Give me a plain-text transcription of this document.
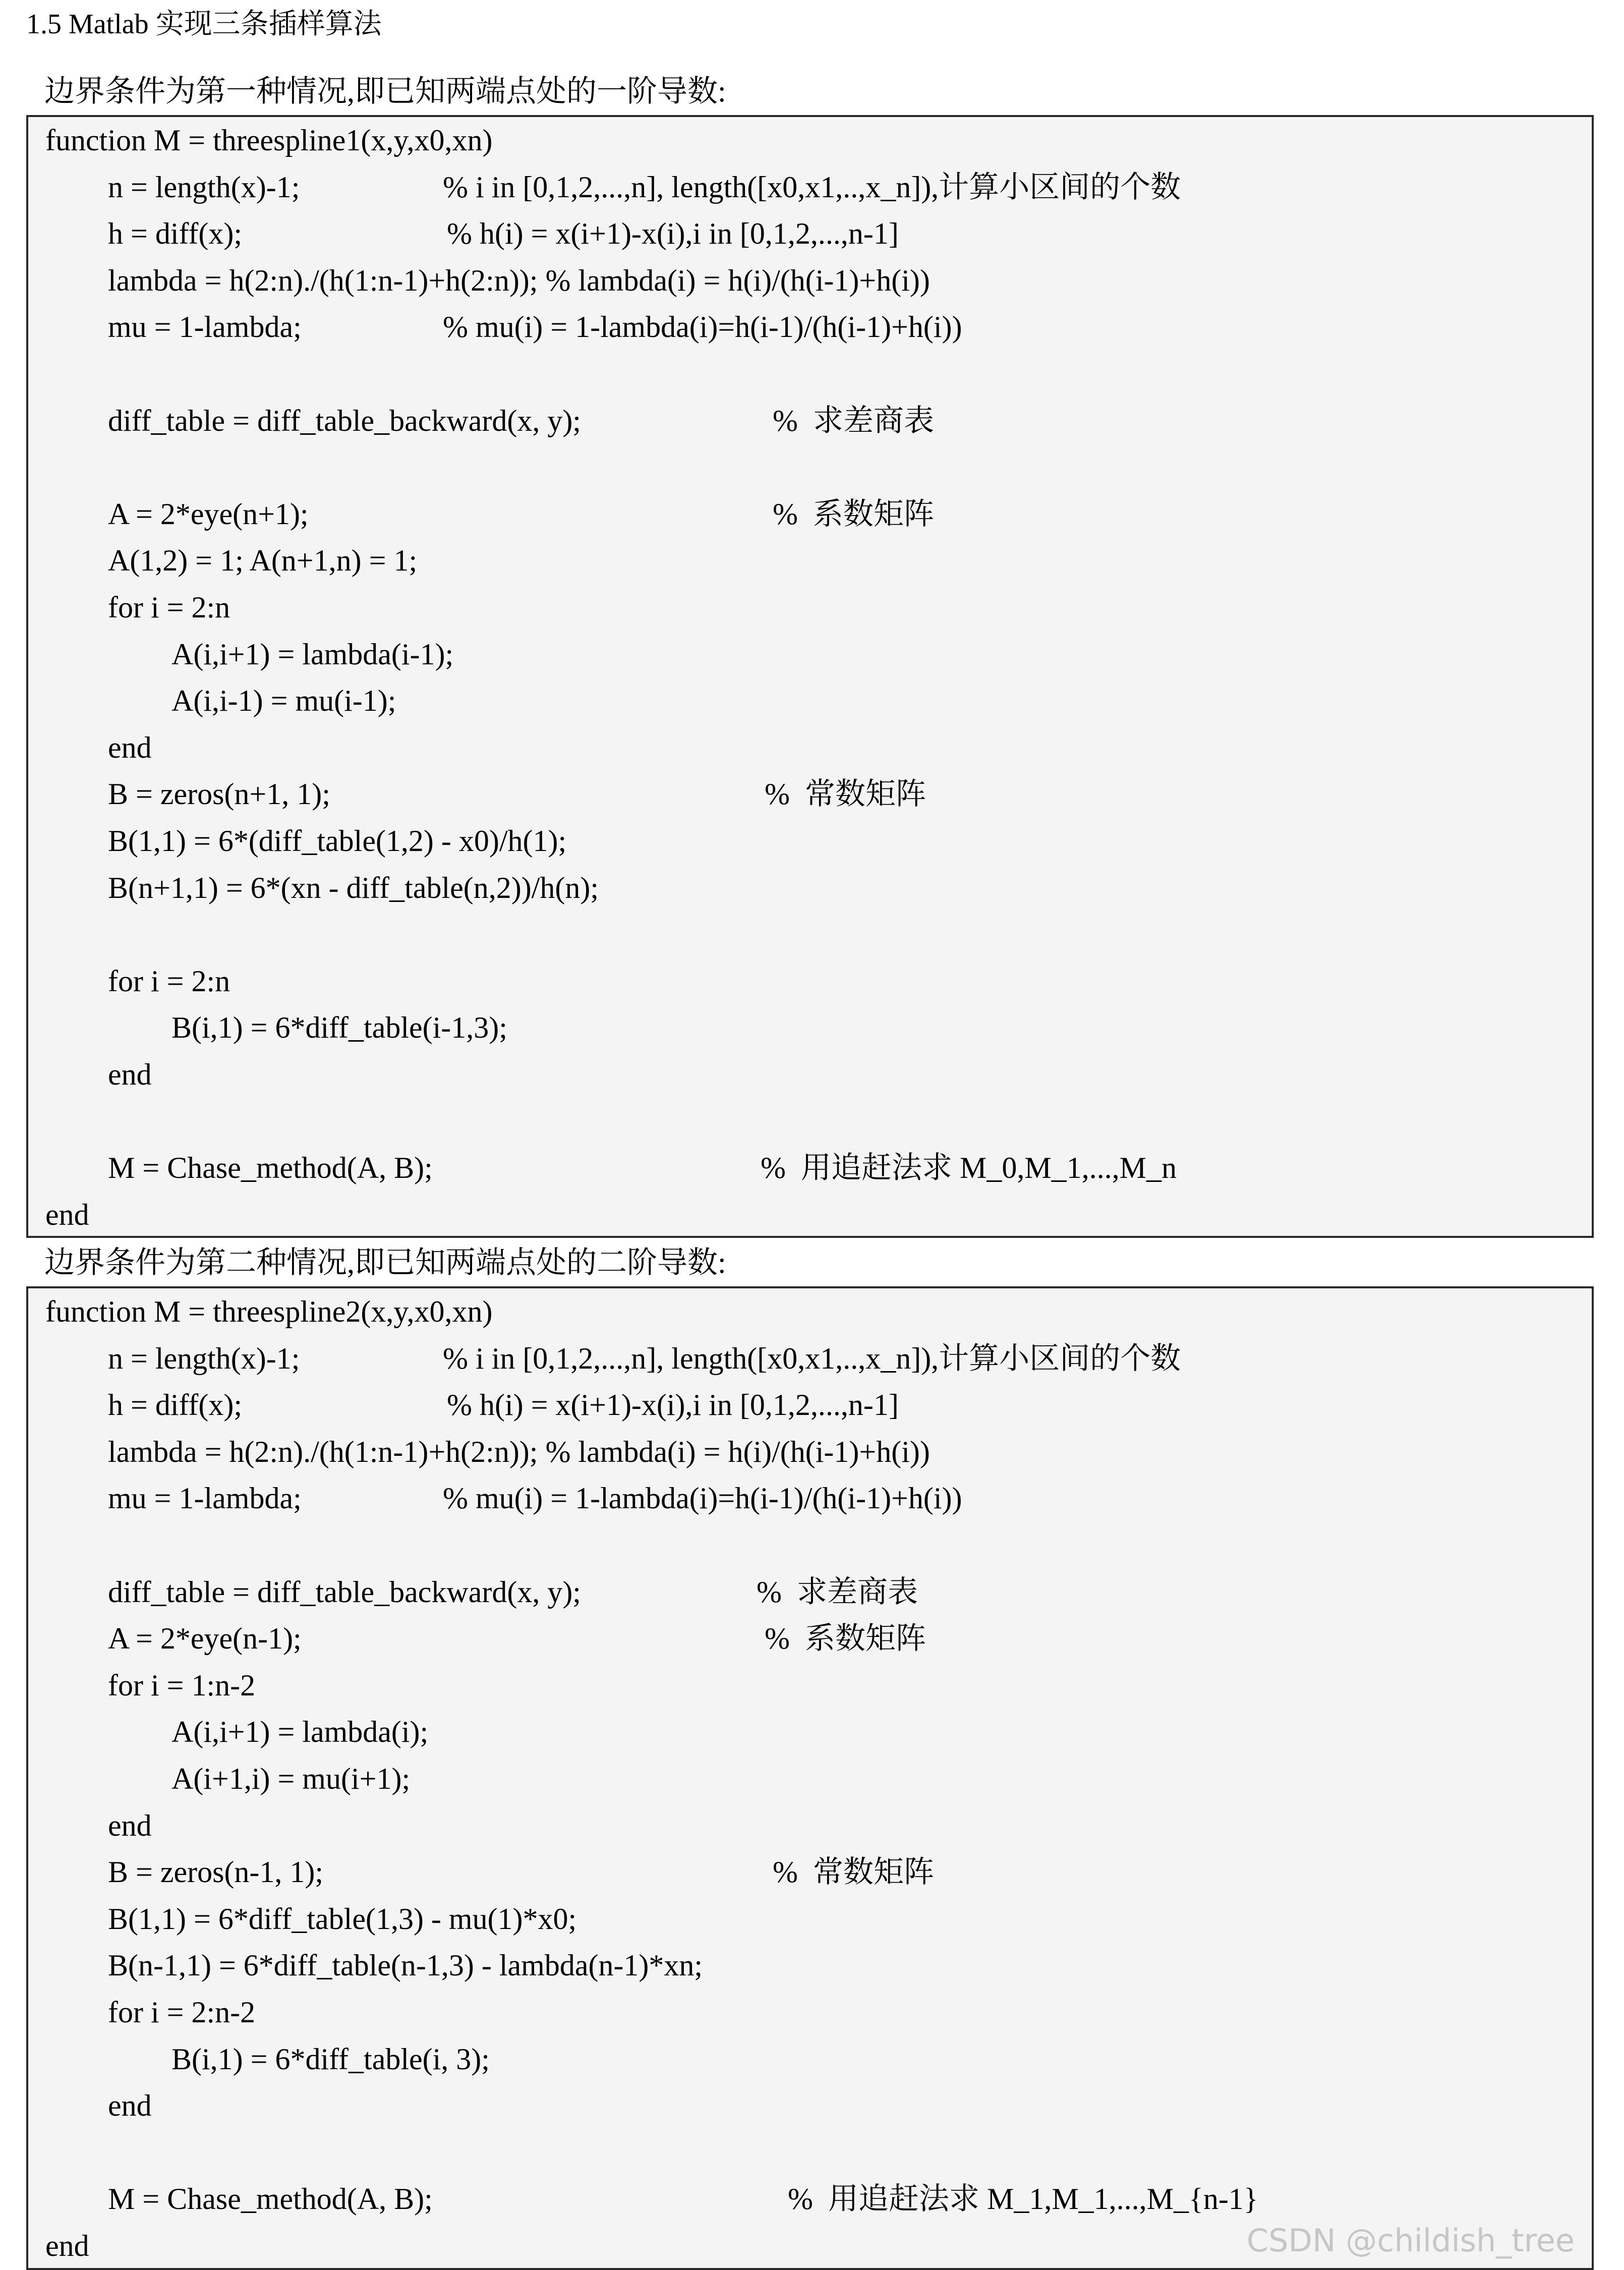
1.5 Matlab 实现三条插样算法
边界条件为第一种情况,即已知两端点处的一阶导数:
function M = threespline1(x,y,x0,xn)
n = length(x)-1;	% i in [0,1,2,...,n], length([x0,x1,..,x_n]),计算小区间的个数
h = diff(x);	% h(i) = x(i+1)-x(i),i in [0,1,2,...,n-1]
lambda = h(2:n)./(h(1:n-1)+h(2:n)); % lambda(i) = h(i)/(h(i-1)+h(i))
mu = 1-lambda;	% mu(i) = 1-lambda(i)=h(i-1)/(h(i-1)+h(i))
diff_table = diff_table_backward(x, y);	%  求差商表
A = 2*eye(n+1);	%  系数矩阵
A(1,2) = 1; A(n+1,n) = 1;
for i = 2:n
A(i,i+1) = lambda(i-1);
A(i,i-1) = mu(i-1);
end
B = zeros(n+1, 1);	%  常数矩阵
B(1,1) = 6*(diff_table(1,2) - x0)/h(1);
B(n+1,1) = 6*(xn - diff_table(n,2))/h(n);
for i = 2:n
B(i,1) = 6*diff_table(i-1,3);
end
M = Chase_method(A, B);	%  用追赶法求 M_0,M_1,...,M_n
end
边界条件为第二种情况,即已知两端点处的二阶导数:
function M = threespline2(x,y,x0,xn)
n = length(x)-1;	% i in [0,1,2,...,n], length([x0,x1,..,x_n]),计算小区间的个数
h = diff(x);	% h(i) = x(i+1)-x(i),i in [0,1,2,...,n-1]
lambda = h(2:n)./(h(1:n-1)+h(2:n)); % lambda(i) = h(i)/(h(i-1)+h(i))
mu = 1-lambda;	% mu(i) = 1-lambda(i)=h(i-1)/(h(i-1)+h(i))
diff_table = diff_table_backward(x, y);	%  求差商表
A = 2*eye(n-1);	%  系数矩阵
for i = 1:n-2
A(i,i+1) = lambda(i);
A(i+1,i) = mu(i+1);
end
B = zeros(n-1, 1);	%  常数矩阵
B(1,1) = 6*diff_table(1,3) - mu(1)*x0;
B(n-1,1) = 6*diff_table(n-1,3) - lambda(n-1)*xn;
for i = 2:n-2
B(i,1) = 6*diff_table(i, 3);
end
M = Chase_method(A, B);	%  用追赶法求 M_1,M_1,...,M_{n-1}
end	CSDN @childish_tree
